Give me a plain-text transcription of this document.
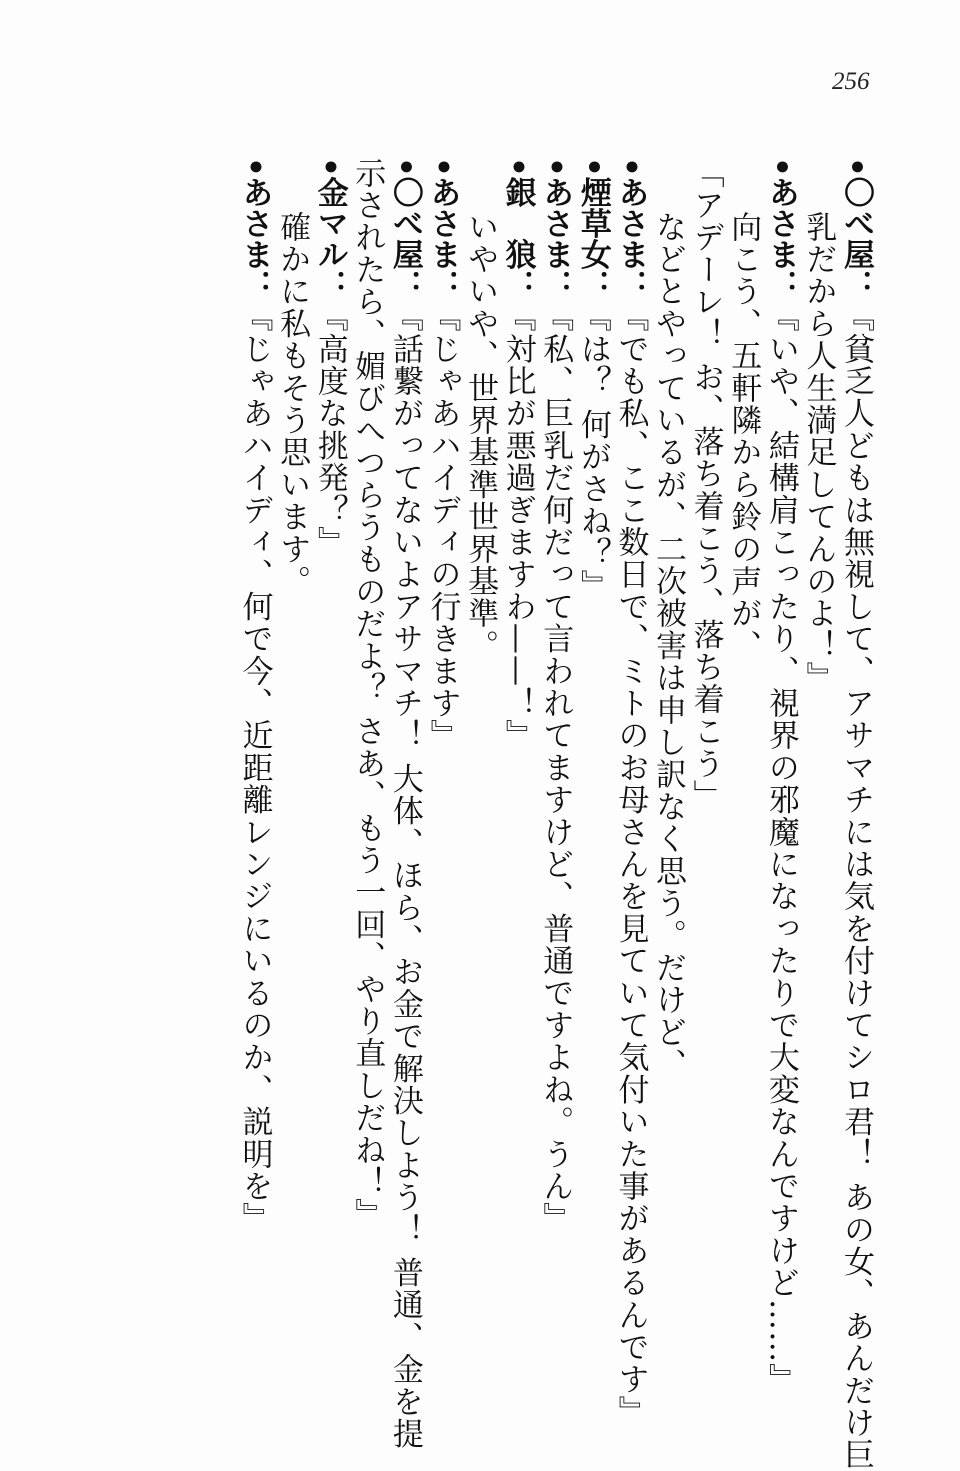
256
•〇べ屋：『貧乏人どもは無視して、アサマチには気を付けてシロ君！ あの女、あんだけ巨
乳だから人生満足してんのよ！』
•あさま：『いや、結構肩こったり、視界の邪魔になったりで大変なんですけど……』
向こう、五軒隣から鈴の声が、
「アデーレ！ お、落ち着こう、落ち着こう」
などとやっているが、二次被害は申し訳なく思う。だけど、
•あさま：『でも私、ここ数日で、ミトのお母さんを見ていて気付いた事があるんです』
•煙草女：『は？ 何がさね？』
•あさま：『私、巨乳だ何だって言われてますけど、普通ですよね。うん』
•銀　狼：『対比が悪過ぎますわ——！』
いやいや、世界基準世界基準。
•あさま：『じゃあハイディの行きます』
•〇べ屋：『話繋がってないよアサマチ！ 大体、ほら、お金で解決しよう！ 普通、金を提
示されたら、媚びへつらうものだよ？ さあ、もう一回、やり直しだね！』
•金マル：『高度な挑発？』
確かに私もそう思います。
•あさま：『じゃあハイディ、何で今、近距離レンジにいるのか、説明を』
